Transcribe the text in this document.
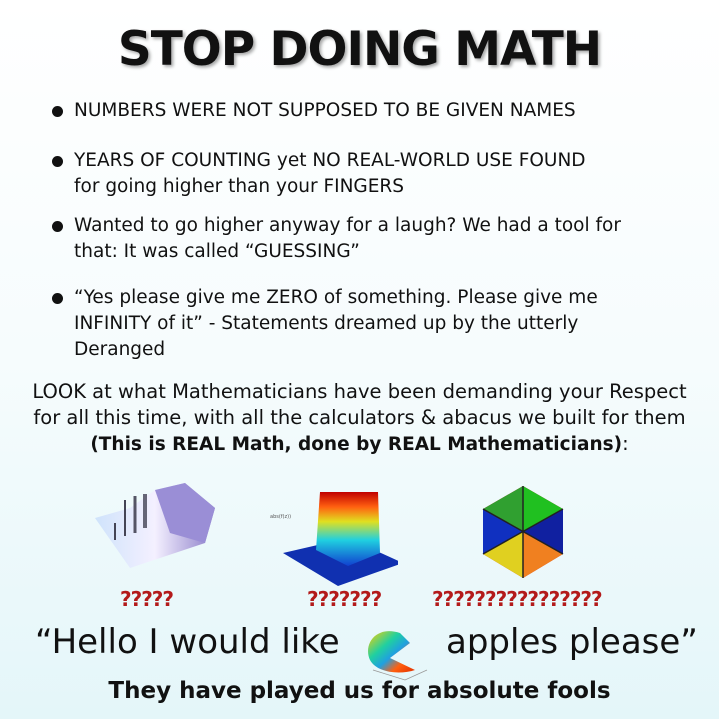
STOP DOING MATH
NUMBERS WERE NOT SUPPOSED TO BE GIVEN NAMES
YEARS OF COUNTING yet NO REAL-WORLD USE FOUND
for going higher than your FINGERS
Wanted to go higher anyway for a laugh? We had a tool for
that: It was called “GUESSING”
“Yes please give me ZERO of something. Please give me
INFINITY of it” - Statements dreamed up by the utterly
Deranged
LOOK at what Mathematicians have been demanding your Respect
for all this time, with all the calculators & abacus we built for them
(This is REAL Math, done by REAL Mathematicians):
abs(f(z))
?????	???????	????????????????
“Hello I would like	apples please”
They have played us for absolute fools
